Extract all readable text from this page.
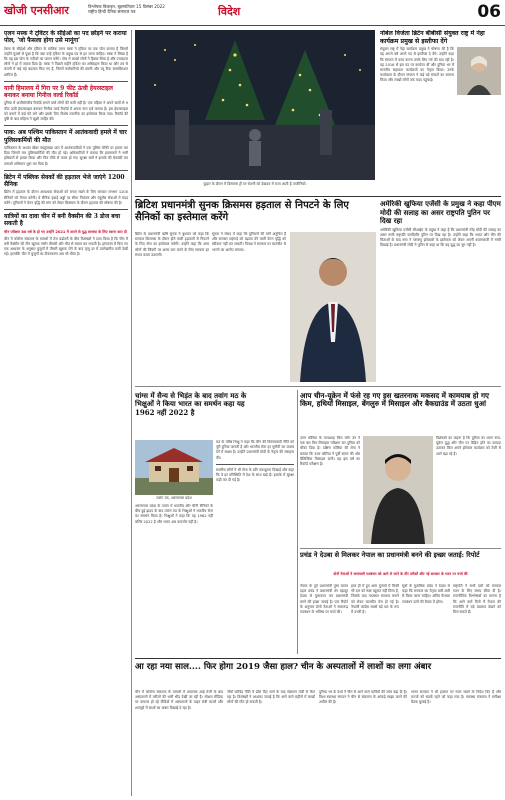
खोजी एनसीआर	विश्लेषक डिजाइन, बृहस्पतिवार 15 दिसंबर 2022
राष्ट्रीय हिन्दी दैनिक समाचार पत्र	विदेश	06
एलन मस्क ने ट्विटर के सीईओ का पद छोड़ने पर कराया पोल, 'जो फैसला होगा उसे मानूंगा'

टेस्ला के सीईओ और ट्विटर के मालिक एलन मस्क ने ट्विटर पर एक पोल कराया है जिसमें उन्होंने यूजर्स से पूछा है कि क्या उन्हें ट्विटर के प्रमुख पद से हट जाना चाहिए। मस्क ने लिखा है कि वह इस पोल के नतीजों का पालन करेंगे। पोल में लाखों लोगों ने हिस्सा लिया है और ज्यादातर लोगों ने हां में जवाब दिया है। मस्क ने पिछले महीने ट्विटर का अधिग्रहण किया था और तब से कंपनी में कई बड़े बदलाव किए गए हैं, जिनमें कर्मचारियों की छंटनी और ब्लू टिक सब्सक्रिप्शन शामिल हैं।

यानी हिमालय में गिरा पर 9 फीट ऊंची हेयरस्टाइल बनाकर बनाया गिनीज वर्ल्ड रिकॉर्ड

दुनिया में अजीबोगरीब रिकॉर्ड बनाने वाले लोगों की कमी नहीं है। एक महिला ने अपने बालों से 9 फीट ऊंची हेयरस्टाइल बनाकर गिनीज वर्ल्ड रिकॉर्ड में अपना नाम दर्ज कराया है। इस हेयरस्टाइल को बनाने में कई घंटे लगे और इसके लिए विशेष तकनीक का इस्तेमाल किया गया। रिकॉर्ड की पुष्टि के बाद महिला ने खुशी जाहिर की।

पाक: अब पश्चिम पाकिस्तान में आतंकवादी हमले में चार पुलिसकर्मियों की मौत

पाकिस्तान के अशांत खैबर पख्तूनख्वा प्रांत में आतंकवादियों ने एक पुलिस चौकी पर हमला कर दिया जिसमें चार पुलिसकर्मियों की मौत हो गई। अधिकारियों ने बताया कि हमलावरों ने भारी हथियारों से हमला किया और फिर मौके से फरार हो गए। सुरक्षा बलों ने इलाके की घेराबंदी कर तलाशी अभियान शुरू कर दिया है।

ब्रिटेन में पब्लिक सेवकों की हड़ताल भेजे जाएंगे 1200 सैनिक

ब्रिटेन में हड़ताल के दौरान आवश्यक सेवाओं को बनाए रखने के लिए सरकार लगभग 1200 सैनिकों को तैनात करेगी। ये सैनिक हवाई अड्डों पर सीमा नियंत्रण और एंबुलेंस सेवाओं में मदद करेंगे। यूनियनों ने वेतन वृद्धि की मांग को लेकर क्रिसमस के दौरान हड़ताल की घोषणा की है।

यात्रियों का दावा चीन में बनी वैक्सीन की 3 डोज बचा सकती है

चीन परीक्षण 80 वर्ष के हो गए उन्होंने 2021 में अपने से युद्ध समस्या के लिए रवाना करा दी

चीन में कोरोना संक्रमण के मामलों में तेज बढ़ोतरी के बीच विशेषज्ञों ने दावा किया है कि चीन में बनी वैक्सीन की तीन खुराक गंभीर बीमारी और मौत से बचाव कर सकती है। हांगकांग में किए गए एक अध्ययन के अनुसार बुजुर्गों में तीसरी खुराक लेने के बाद मृत्यु दर में उल्लेखनीय कमी देखी गई। हालांकि चीन में बुजुर्गों का टीकाकरण अब भी धीमा है।

फुहार के दौरान में क्रिसमस ट्री पर रोशनी को देखकर में मजा आती हैं ताजीनियों।
नोबेल विजेता ब्रिटेन बीबीसी संयुक्त राष्ट्र में नेहा कार्यक्रम प्रमुख से इस्तीफा देंगे

संयुक्त राष्ट्र में नेहा कार्यक्रम प्रमुख ने घोषणा की है कि वह अगले वर्ष अपने पद से इस्तीफा दे देंगे। उन्होंने कहा कि संगठन में काम करना उनके लिए गर्व की बात रही है। वह 2016 से इस पद पर कार्यरत थीं और दुनिया भर में मानवीय सहायता कार्यक्रमों का नेतृत्व किया। उनके कार्यकाल के दौरान संगठन ने कई बड़े संकटों का सामना किया और लाखों लोगों तक मदद पहुंचाई।

ब्रिटिश प्रधानमंत्री सुनक क्रिसमस हड़ताल से निपटने के लिए सैनिकों का इस्तेमाल करेंगे

ब्रिटेन के प्रधानमंत्री ऋषि सुनक ने बुधवार को कहा कि सरकार क्रिसमस के दौरान होने वाली हड़तालों से निपटने के लिए सेना का इस्तेमाल करेगी। उन्होंने कहा कि आम लोगों की जिंदगी पर असर कम करने के लिए सरकार हर संभव कदम उठाएगी।

सुनक ने संसद में कहा कि यूनियनों की मांगें अनुचित हैं और सरकार महंगाई को बढ़ावा देने वाली वेतन वृद्धि को स्वीकार नहीं कर सकती। विपक्ष ने सरकार पर बातचीत से भागने का आरोप लगाया।

अमेरिकी खुफिया एजेंसी के प्रमुख ने कहा पीएम मोदी की सलाह का असर राष्ट्रपति पुतिन पर दिख रहा

अमेरिकी खुफिया एजेंसी सीआईए के प्रमुख ने कहा है कि प्रधानमंत्री नरेंद्र मोदी की सलाह का असर रूसी राष्ट्रपति व्लादिमीर पुतिन पर दिख रहा है। उन्होंने कहा कि भारत और चीन की चिंताओं के बाद रूस ने परमाणु हथियारों के इस्तेमाल को लेकर अपनी बयानबाजी में नरमी दिखाई है। प्रधानमंत्री मोदी ने पुतिन से कहा था कि यह युद्ध का युग नहीं है।

चांग्स में सैन्य से भिड़ंत के बाद तवांग मठ के भिक्षुओं ने किया भारत का समर्थन कहा यह 1962 नहीं 2022 है
तवांग मठ, अरुणाचल प्रदेश

अरुणाचल प्रदेश के तवांग में भारतीय और चीनी सैनिकों के बीच हुई झड़प के बाद तवांग मठ के भिक्षुओं ने भारतीय सेना का समर्थन किया है। भिक्षुओं ने कहा कि यह 1962 नहीं बल्कि 2022 है और भारत अब कमजोर नहीं है।

मठ के वरिष्ठ भिक्षु ने कहा कि चीन की विस्तारवादी नीति को पूरी दुनिया जानती है और भारतीय सेना हर चुनौती का जवाब देने में सक्षम है। उन्होंने प्रधानमंत्री मोदी के नेतृत्व की सराहना की।

स्थानीय लोगों ने भी सेना के प्रति एकजुटता दिखाई और कहा कि वे हर परिस्थिति में देश के साथ खड़े हैं। इलाके में सुरक्षा कड़ी कर दी गई है।

आप चीन-यूक्रेन में फंसे रह गए इस खतरनाक मकसद में कामयाब हो गए किम, हथियों मिसाइल, बेंगलुरु में मिसाइल और बैकग्राउंड में उठता धुआं

उत्तर कोरिया के तानाशाह किम जोंग उन ने एक बार फिर मिसाइल परीक्षण कर दुनिया को चौंका दिया है। दक्षिण कोरिया की सेना ने बताया कि उत्तर कोरिया ने पूर्वी सागर की ओर बैलिस्टिक मिसाइल दागी। यह इस वर्ष का रिकॉर्ड परीक्षण है।

विशेषज्ञों का कहना है कि दुनिया का ध्यान रूस-यूक्रेन युद्ध और चीन पर केंद्रित होने का फायदा उठाकर किम अपने हथियार कार्यक्रम को तेजी से आगे बढ़ा रहे हैं।

प्रचंड ने देउबा से मिलकर नेपाल का प्रधानमंत्री बनने की इच्छा जताई: रिपोर्ट
दोनों नेताओं ने सत्ताधारी गठबंधन को आगे ले जाने के तौर तरीकों और नई सरकार के गठन पर चर्चा की

नेपाल के पूर्व प्रधानमंत्री पुष्प कमल दहल प्रचंड ने प्रधानमंत्री शेर बहादुर देउबा से मुलाकात कर प्रधानमंत्री बनने की इच्छा जताई है। एक रिपोर्ट के अनुसार दोनों नेताओं ने सत्तारूढ़ गठबंधन के भविष्य पर चर्चा की।

हाल ही में हुए आम चुनावों में किसी भी दल को स्पष्ट बहुमत नहीं मिला है, जिसके बाद गठबंधन सरकार बनाने को लेकर बातचीत तेज हो गई है। नेपाली कांग्रेस सबसे बड़े दल के रूप में उभरी है।

सूत्रों के मुताबिक प्रचंड ने देउबा से कहा कि सरकार का नेतृत्व बारी-बारी से किया जाना चाहिए। अंतिम फैसला गठबंधन दलों की बैठक में होगा।

राष्ट्रपति ने सभी दलों को सरकार गठन के लिए समय सीमा दी है। राजनीतिक विश्लेषकों का मानना है कि आने वाले दिनों में नेपाल की राजनीति में बड़े बदलाव देखने को मिल सकते हैं।

आ रहा नया साल.... फिर होगा 2019 जैसा हाल? चीन के अस्पतालों में लाशों का लगा अंबार

चीन में कोरोना संक्रमण के मामलों में अचानक आई तेजी के बाद अस्पतालों में मरीजों की भारी भीड़ देखी जा रही है। सोशल मीडिया पर वायरल हो रहे वीडियो में अस्पतालों के बाहर लंबी कतारें और शवगृहों में लाशों का अंबार दिखाई दे रहा है।

जीरो कोविड नीति में ढील दिए जाने के बाद संक्रमण तेजी से फैल रहा है। विशेषज्ञों ने आशंका जताई है कि आने वाले महीनों में लाखों लोगों की मौत हो सकती है।

दुनिया भर के देशों ने चीन से आने वाले यात्रियों की जांच बढ़ा दी है। विश्व स्वास्थ्य संगठन ने चीन से संक्रमण के आंकड़े साझा करने की अपील की है।

भारत सरकार ने भी हालात पर नजर रखने के निर्देश दिए हैं और राज्यों को सतर्क रहने को कहा गया है। स्वास्थ्य मंत्रालय ने समीक्षा बैठक बुलाई है।
